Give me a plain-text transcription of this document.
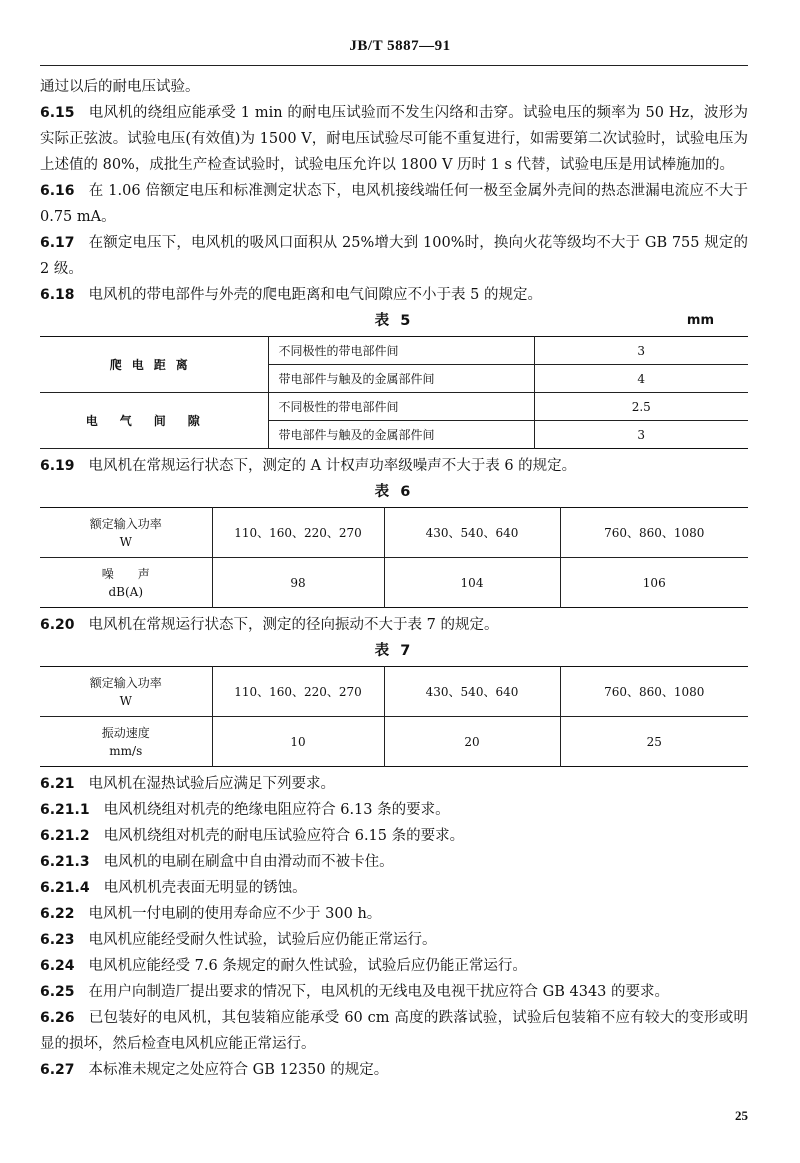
JB/T 5887—91

通过以后的耐电压试验。

6.15 电风机的绕组应能承受 1 min 的耐电压试验而不发生闪络和击穿。试验电压的频率为 50 Hz，波形为实际正弦波。试验电压(有效值)为 1500 V，耐电压试验尽可能不重复进行，如需要第二次试验时，试验电压为上述值的 80%，成批生产检查试验时，试验电压允许以 1800 V 历时 1 s 代替，试验电压是用试棒施加的。

6.16 在 1.06 倍额定电压和标准测定状态下，电风机接线端任何一极至金属外壳间的热态泄漏电流应不大于 0.75 mA。

6.17 在额定电压下，电风机的吸风口面积从 25%增大到 100%时，换向火花等级均不大于 GB 755 规定的 2 级。

6.18 电风机的带电部件与外壳的爬电距离和电气间隙应不小于表 5 的规定。

表 5	mm
爬电距离	不同极性的带电部件间	3
	带电部件与触及的金属部件间	4
电气间隙	不同极性的带电部件间	2.5
	带电部件与触及的金属部件间	3

6.19 电风机在常规运行状态下，测定的 A 计权声功率级噪声不大于表 6 的规定。

表 6
额定输入功率
W	110、160、220、270	430、540、640	760、860、1080

噪　　声
dB(A)	98	104	106

6.20 电风机在常规运行状态下，测定的径向振动不大于表 7 的规定。

表 7
额定输入功率
W	110、160、220、270	430、540、640	760、860、1080

振动速度
mm/s	10	20	25

6.21 电风机在湿热试验后应满足下列要求。

6.21.1 电风机绕组对机壳的绝缘电阻应符合 6.13 条的要求。

6.21.2 电风机绕组对机壳的耐电压试验应符合 6.15 条的要求。

6.21.3 电风机的电刷在刷盒中自由滑动而不被卡住。

6.21.4 电风机机壳表面无明显的锈蚀。

6.22 电风机一付电刷的使用寿命应不少于 300 h。

6.23 电风机应能经受耐久性试验，试验后应仍能正常运行。

6.24 电风机应能经受 7.6 条规定的耐久性试验，试验后应仍能正常运行。

6.25 在用户向制造厂提出要求的情况下，电风机的无线电及电视干扰应符合 GB 4343 的要求。

6.26 已包装好的电风机，其包装箱应能承受 60 cm 高度的跌落试验，试验后包装箱不应有较大的变形或明显的损坏，然后检查电风机应能正常运行。

6.27 本标准未规定之处应符合 GB 12350 的规定。

25
